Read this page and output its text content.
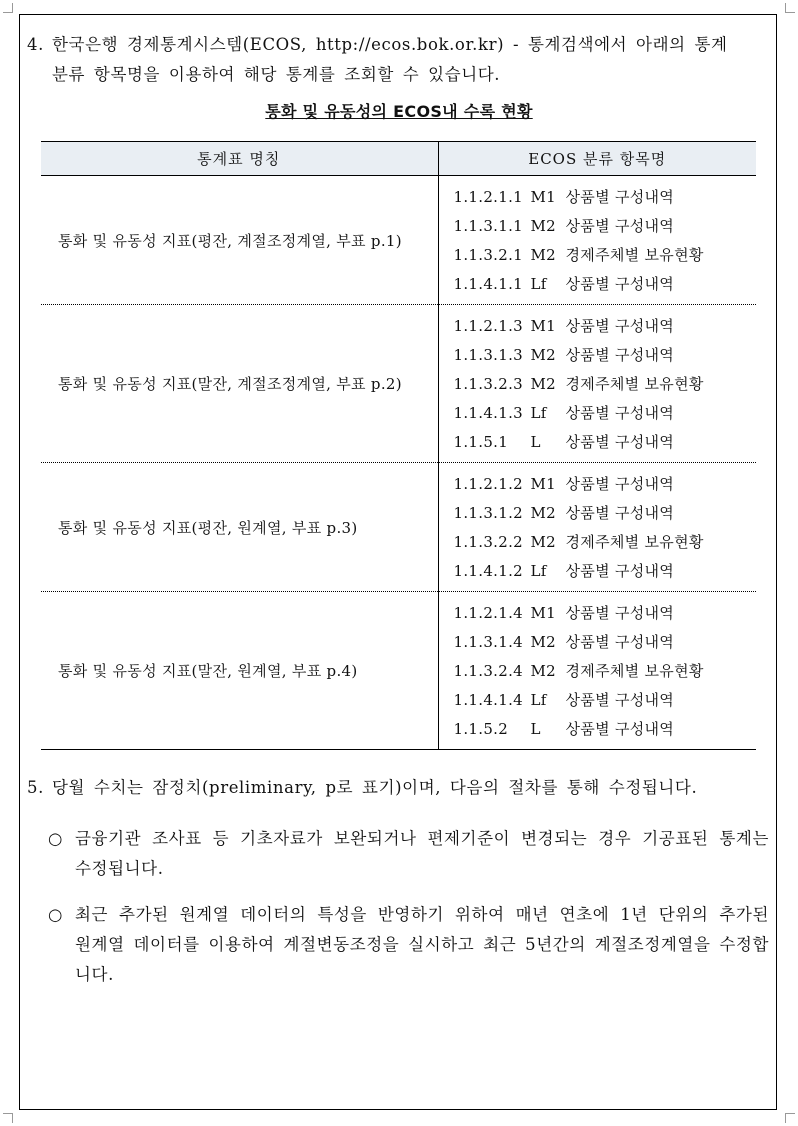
4. 한국은행 경제통계시스템(ECOS, http://ecos.bok.or.kr) - 통계검색에서 아래의 통계
분류 항목명을 이용하여 해당 통계를 조회할 수 있습니다.
통화 및 유동성의 ECOS내 수록 현황
통계표 명칭	ECOS 분류 항목명
통화 및 유동성 지표(평잔, 계절조정계열, 부표 p.1)	1.1.2.1.1 M1 상품별 구성내역
1.1.3.1.1 M2 상품별 구성내역
1.1.3.2.1 M2 경제주체별 보유현황
1.1.4.1.1 Lf 상품별 구성내역

통화 및 유동성 지표(말잔, 계절조정계열, 부표 p.2)	1.1.2.1.3 M1 상품별 구성내역
1.1.3.1.3 M2 상품별 구성내역
1.1.3.2.3 M2 경제주체별 보유현황
1.1.4.1.3 Lf 상품별 구성내역
1.1.5.1 L 상품별 구성내역

통화 및 유동성 지표(평잔, 원계열, 부표 p.3)	1.1.2.1.2 M1 상품별 구성내역
1.1.3.1.2 M2 상품별 구성내역
1.1.3.2.2 M2 경제주체별 보유현황
1.1.4.1.2 Lf 상품별 구성내역

통화 및 유동성 지표(말잔, 원계열, 부표 p.4)	1.1.2.1.4 M1 상품별 구성내역
1.1.3.1.4 M2 상품별 구성내역
1.1.3.2.4 M2 경제주체별 보유현황
1.1.4.1.4 Lf 상품별 구성내역
1.1.5.2 L 상품별 구성내역
5. 당월 수치는 잠정치(preliminary, p로 표기)이며, 다음의 절차를 통해 수정됩니다.
○ 금융기관 조사표 등 기초자료가 보완되거나 편제기준이 변경되는 경우 기공표된 통계는 수정됩니다.
○ 최근 추가된 원계열 데이터의 특성을 반영하기 위하여 매년 연초에 1년 단위의 추가된 원계열 데이터를 이용하여 계절변동조정을 실시하고 최근 5년간의 계절조정계열을 수정합니다.
